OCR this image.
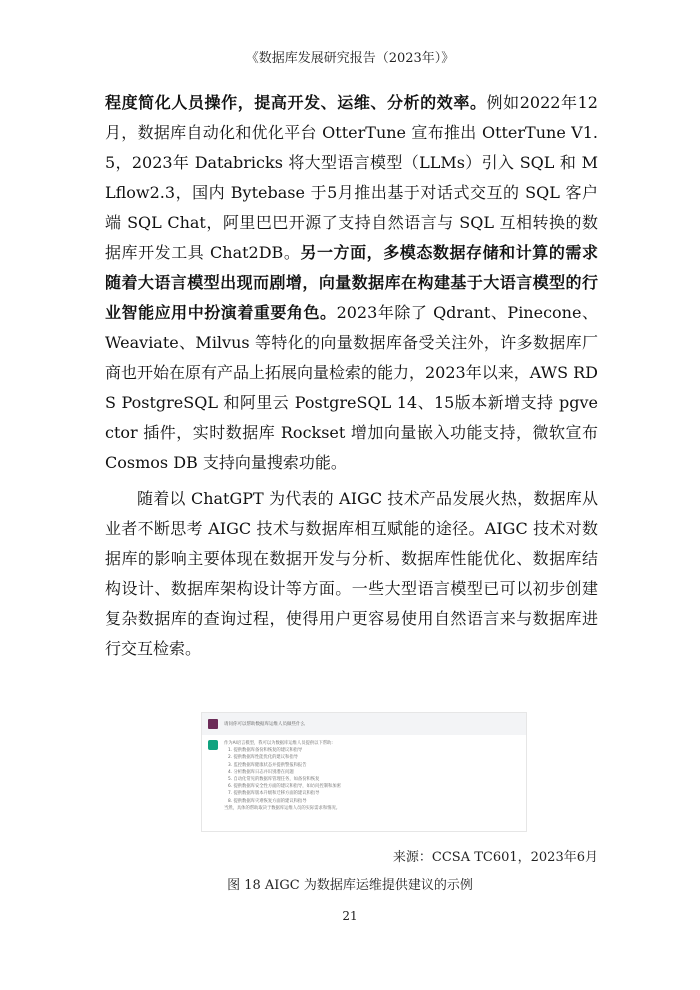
《数据库发展研究报告（2023年）》

程度简化人员操作，提高开发、运维、分析的效率。例如2022年12月，数据库自动化和优化平台 OtterTune 宣布推出 OtterTune V1.5，2023年 Databricks 将大型语言模型（LLMs）引入 SQL 和 MLflow2.3，国内 Bytebase 于5月推出基于对话式交互的 SQL 客户端 SQL Chat，阿里巴巴开源了支持自然语言与 SQL 互相转换的数据库开发工具 Chat2DB。另一方面，多模态数据存储和计算的需求随着大语言模型出现而剧增，向量数据库在构建基于大语言模型的行业智能应用中扮演着重要角色。2023年除了 Qdrant、Pinecone、Weaviate、Milvus 等特化的向量数据库备受关注外，许多数据库厂商也开始在原有产品上拓展向量检索的能力，2023年以来，AWS RDS PostgreSQL 和阿里云 PostgreSQL 14、15版本新增支持 pgvector 插件，实时数据库 Rockset 增加向量嵌入功能支持，微软宣布 Cosmos DB 支持向量搜索功能。

随着以 ChatGPT 为代表的 AIGC 技术产品发展火热，数据库从业者不断思考 AIGC 技术与数据库相互赋能的途径。AIGC 技术对数据库的影响主要体现在数据开发与分析、数据库性能优化、数据库结构设计、数据库架构设计等方面。一些大型语言模型已可以初步创建复杂数据库的查询过程，使得用户更容易使用自然语言来与数据库进行交互检索。

请问你可以帮助数据库运维人员做些什么
作为AI语言模型，我可以为数据库运维人员提供以下帮助:
1. 提供数据库备份和恢复的建议和指导
2. 提供数据库性能优化的建议和指导
3. 监控数据库健康状态并提供警报和报告
4. 分析数据库日志并识别潜在问题
5. 自动化常见的数据库管理任务，如备份和恢复
6. 提供数据库安全性方面的建议和指导，如访问控制和加密
7. 提供数据库版本升级和迁移方面的建议和指导
8. 提供数据库灾难恢复方面的建议和指导
当然，具体的帮助取决于数据库运维人员的实际需求和情况。
来源：CCSA TC601，2023年6月
图 18 AIGC 为数据库运维提供建议的示例
21
